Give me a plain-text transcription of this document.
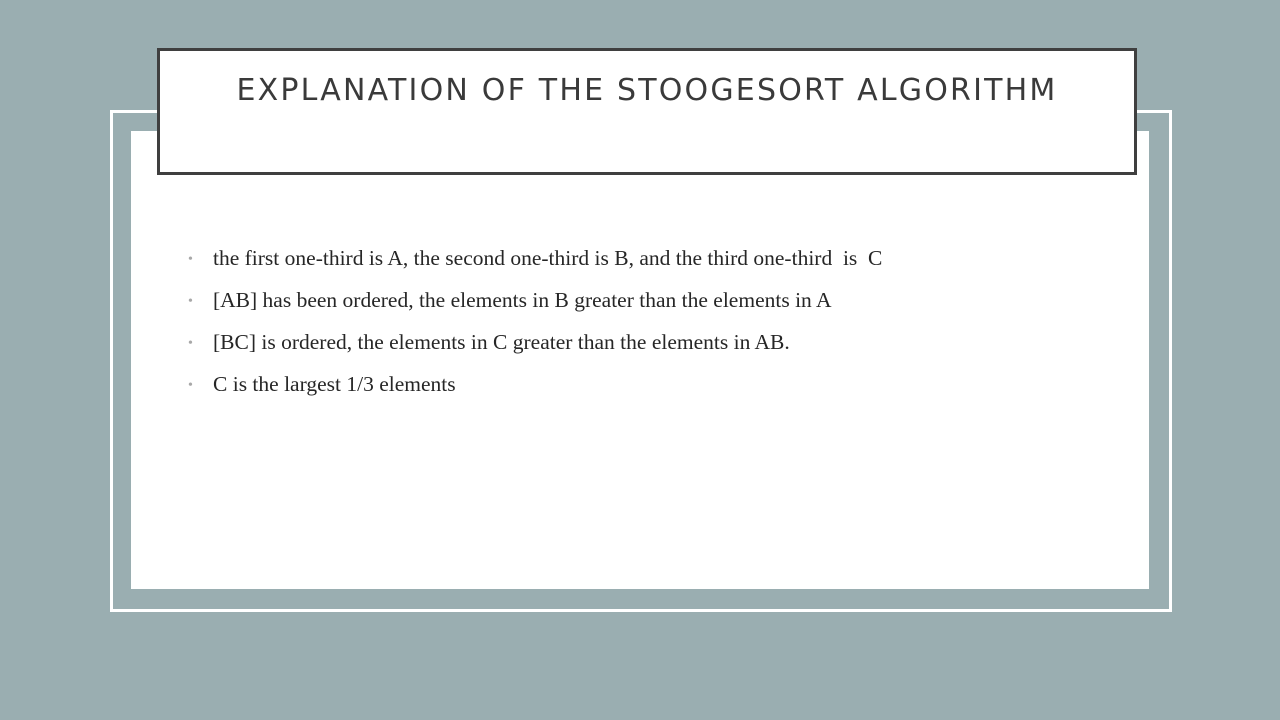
EXPLANATION OF THE STOOGESORT ALGORITHM
• the first one-third is A, the second one-third is B, and the third one-third  is  C
• [AB] has been ordered, the elements in B greater than the elements in A
• [BC] is ordered, the elements in C greater than the elements in AB.
• C is the largest 1/3 elements
